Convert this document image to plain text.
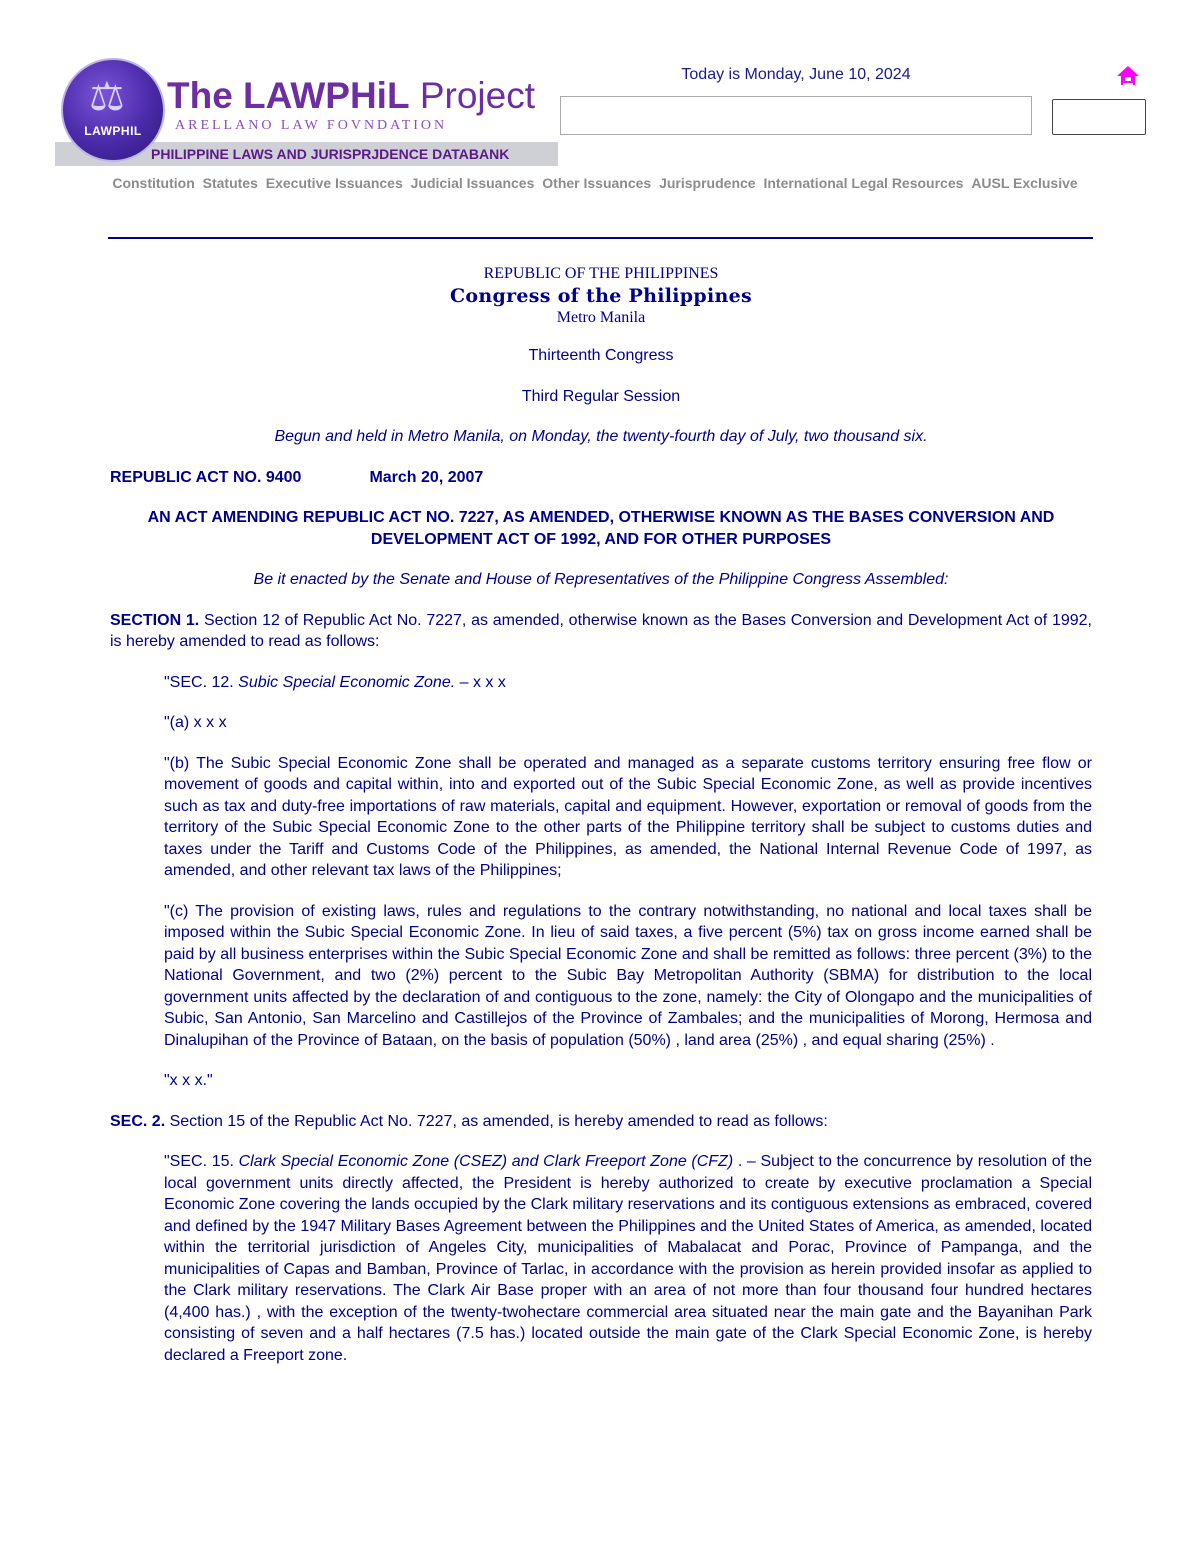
PHILIPPINE LAWS AND JURISPRJDENCE DATABANK
⚖
LAWPHIL
The LAWPHiL Project
ARELLANO LAW FOVNDATION
Today is Monday, June 10, 2024
Constitution Statutes Executive Issuances Judicial Issuances Other Issuances Jurisprudence International Legal Resources AUSL Exclusive
REPUBLIC OF THE PHILIPPINES
Congress of the Philippines
Metro Manila

Thirteenth Congress

Third Regular Session

Begun and held in Metro Manila, on Monday, the twenty-fourth day of July, two thousand six.

REPUBLIC ACT NO. 9400	March 20, 2007

AN ACT AMENDING REPUBLIC ACT NO. 7227, AS AMENDED, OTHERWISE KNOWN AS THE BASES CONVERSION AND DEVELOPMENT ACT OF 1992, AND FOR OTHER PURPOSES

Be it enacted by the Senate and House of Representatives of the Philippine Congress Assembled:

SECTION 1. Section 12 of Republic Act No. 7227, as amended, otherwise known as the Bases Conversion and Development Act of 1992, is hereby amended to read as follows:

"SEC. 12. Subic Special Economic Zone. – x x x

"(a) x x x

"(b) The Subic Special Economic Zone shall be operated and managed as a separate customs territory ensuring free flow or movement of goods and capital within, into and exported out of the Subic Special Economic Zone, as well as provide incentives such as tax and duty-free importations of raw materials, capital and equipment. However, exportation or removal of goods from the territory of the Subic Special Economic Zone to the other parts of the Philippine territory shall be subject to customs duties and taxes under the Tariff and Customs Code of the Philippines, as amended, the National Internal Revenue Code of 1997, as amended, and other relevant tax laws of the Philippines;

"(c) The provision of existing laws, rules and regulations to the contrary notwithstanding, no national and local taxes shall be imposed within the Subic Special Economic Zone. In lieu of said taxes, a five percent (5%) tax on gross income earned shall be paid by all business enterprises within the Subic Special Economic Zone and shall be remitted as follows: three percent (3%) to the National Government, and two (2%) percent to the Subic Bay Metropolitan Authority (SBMA) for distribution to the local government units affected by the declaration of and contiguous to the zone, namely: the City of Olongapo and the municipalities of Subic, San Antonio, San Marcelino and Castillejos of the Province of Zambales; and the municipalities of Morong, Hermosa and Dinalupihan of the Province of Bataan, on the basis of population (50%) , land area (25%) , and equal sharing (25%) .

"x x x."

SEC. 2. Section 15 of the Republic Act No. 7227, as amended, is hereby amended to read as follows:

"SEC. 15. Clark Special Economic Zone (CSEZ) and Clark Freeport Zone (CFZ) . – Subject to the concurrence by resolution of the local government units directly affected, the President is hereby authorized to create by executive proclamation a Special Economic Zone covering the lands occupied by the Clark military reservations and its contiguous extensions as embraced, covered and defined by the 1947 Military Bases Agreement between the Philippines and the United States of America, as amended, located within the territorial jurisdiction of Angeles City, municipalities of Mabalacat and Porac, Province of Pampanga, and the municipalities of Capas and Bamban, Province of Tarlac, in accordance with the provision as herein provided insofar as applied to the Clark military reservations. The Clark Air Base proper with an area of not more than four thousand four hundred hectares (4,400 has.) , with the exception of the twenty-twohectare commercial area situated near the main gate and the Bayanihan Park consisting of seven and a half hectares (7.5 has.) located outside the main gate of the Clark Special Economic Zone, is hereby declared a Freeport zone.
